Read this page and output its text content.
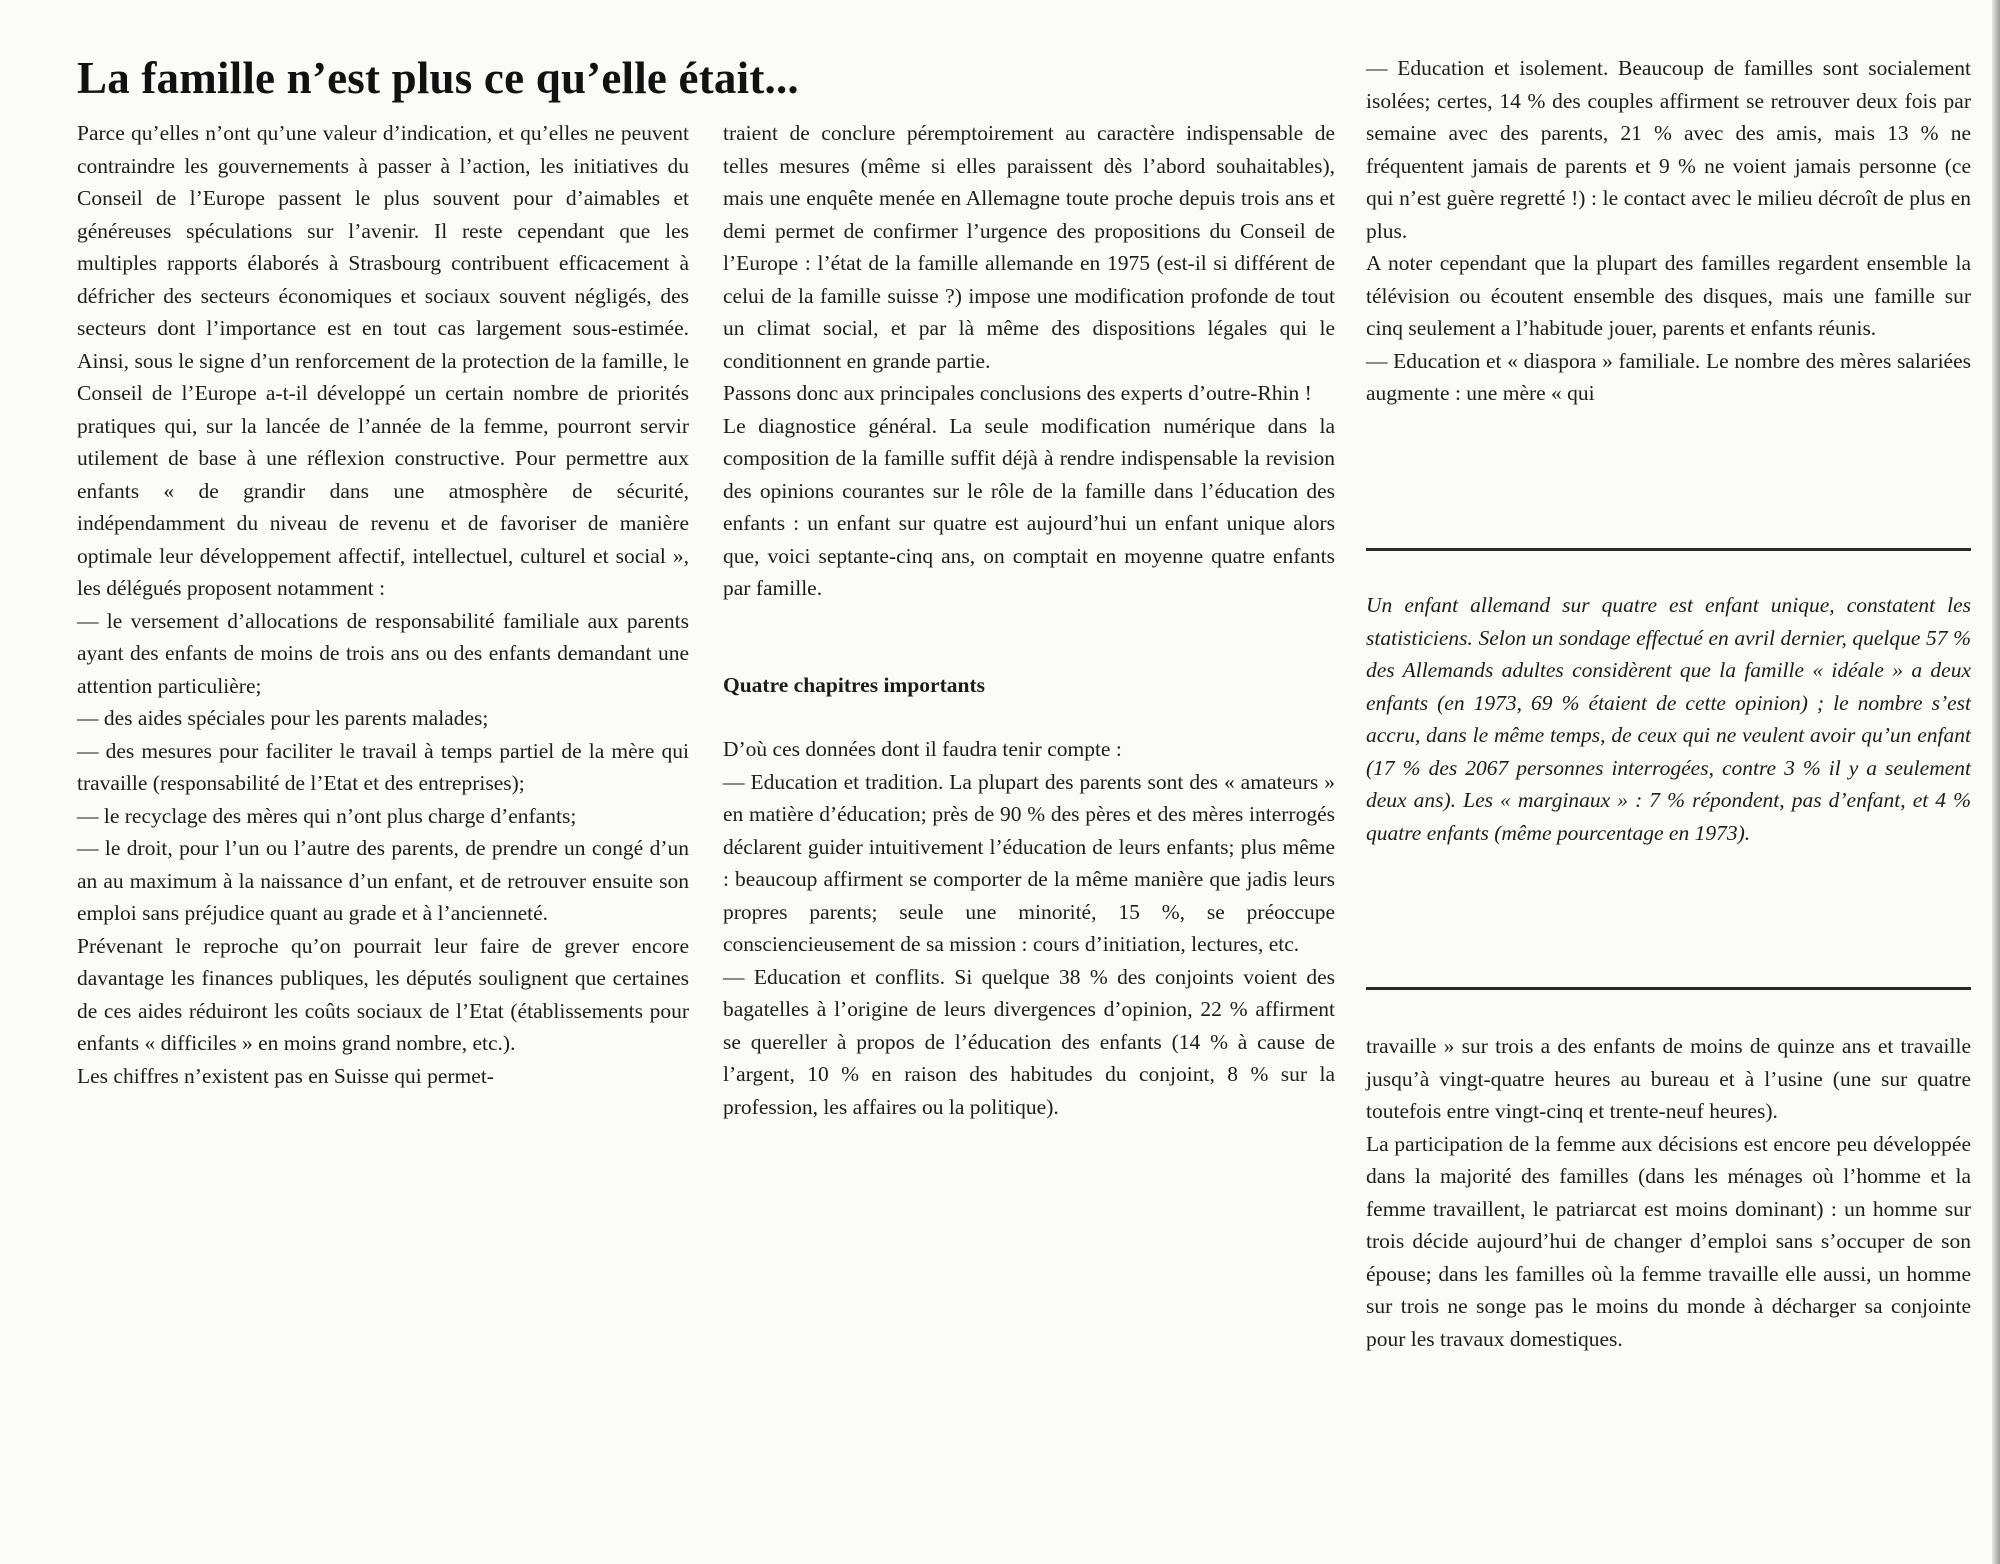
La famille n’est plus ce qu’elle était...

Parce qu’elles n’ont qu’une valeur d’indication, et qu’elles ne peuvent contraindre les gouvernements à passer à l’action, les initiatives du Conseil de l’Europe passent le plus souvent pour d’aimables et généreuses spéculations sur l’avenir. Il reste cependant que les multiples rapports élaborés à Strasbourg contribuent efficacement à défricher des secteurs économiques et sociaux souvent négligés, des secteurs dont l’importance est en tout cas largement sous-estimée. Ainsi, sous le signe d’un renforcement de la protection de la famille, le Conseil de l’Europe a-t-il développé un certain nombre de priorités pratiques qui, sur la lancée de l’année de la femme, pourront servir utilement de base à une réflexion constructive. Pour permettre aux enfants « de grandir dans une atmosphère de sécurité, indépendamment du niveau de revenu et de favoriser de manière optimale leur développement affectif, intellectuel, culturel et social », les délégués proposent notamment :

— le versement d’allocations de responsabilité familiale aux parents ayant des enfants de moins de trois ans ou des enfants demandant une attention particulière;

— des aides spéciales pour les parents malades;

— des mesures pour faciliter le travail à temps partiel de la mère qui travaille (responsabilité de l’Etat et des entreprises);

— le recyclage des mères qui n’ont plus charge d’enfants;

— le droit, pour l’un ou l’autre des parents, de prendre un congé d’un an au maximum à la naissance d’un enfant, et de retrouver ensuite son emploi sans préjudice quant au grade et à l’ancienneté.

Prévenant le reproche qu’on pourrait leur faire de grever encore davantage les finances publiques, les députés soulignent que certaines de ces aides réduiront les coûts sociaux de l’Etat (établissements pour enfants « difficiles » en moins grand nombre, etc.).

Les chiffres n’existent pas en Suisse qui permet-

traient de conclure péremptoirement au caractère indispensable de telles mesures (même si elles paraissent dès l’abord souhaitables), mais une enquête menée en Allemagne toute proche depuis trois ans et demi permet de confirmer l’urgence des propositions du Conseil de l’Europe : l’état de la famille allemande en 1975 (est-il si différent de celui de la famille suisse ?) impose une modification profonde de tout un climat social, et par là même des dispositions légales qui le conditionnent en grande partie.

Passons donc aux principales conclusions des experts d’outre-Rhin !

Le diagnostice général. La seule modification numérique dans la composition de la famille suffit déjà à rendre indispensable la revision des opinions courantes sur le rôle de la famille dans l’éducation des enfants : un enfant sur quatre est aujourd’hui un enfant unique alors que, voici septante-cinq ans, on comptait en moyenne quatre enfants par famille.

Quatre chapitres importants

D’où ces données dont il faudra tenir compte :

— Education et tradition. La plupart des parents sont des « amateurs » en matière d’éducation; près de 90 % des pères et des mères interrogés déclarent guider intuitivement l’éducation de leurs enfants; plus même : beaucoup affirment se comporter de la même manière que jadis leurs propres parents; seule une minorité, 15 %, se préoccupe consciencieusement de sa mission : cours d’initiation, lectures, etc.

— Education et conflits. Si quelque 38 % des conjoints voient des bagatelles à l’origine de leurs divergences d’opinion, 22 % affirment se quereller à propos de l’éducation des enfants (14 % à cause de l’argent, 10 % en raison des habitudes du conjoint, 8 % sur la profession, les affaires ou la politique).

— Education et isolement. Beaucoup de familles sont socialement isolées; certes, 14 % des couples affirment se retrouver deux fois par semaine avec des parents, 21 % avec des amis, mais 13 % ne fréquentent jamais de parents et 9 % ne voient jamais personne (ce qui n’est guère regretté !) : le contact avec le milieu décroît de plus en plus.

A noter cependant que la plupart des familles regardent ensemble la télévision ou écoutent ensemble des disques, mais une famille sur cinq seulement a l’habitude jouer, parents et enfants réunis.

— Education et « diaspora » familiale. Le nombre des mères salariées augmente : une mère « qui

Un enfant allemand sur quatre est enfant unique, constatent les statisticiens. Selon un sondage effectué en avril dernier, quelque 57 % des Allemands adultes considèrent que la famille « idéale » a deux enfants (en 1973, 69 % étaient de cette opinion) ; le nombre s’est accru, dans le même temps, de ceux qui ne veulent avoir qu’un enfant (17 % des 2067 personnes interrogées, contre 3 % il y a seulement deux ans). Les « marginaux » : 7 % répondent, pas d’enfant, et 4 % quatre enfants (même pourcentage en 1973).

travaille » sur trois a des enfants de moins de quinze ans et travaille jusqu’à vingt-quatre heures au bureau et à l’usine (une sur quatre toutefois entre vingt-cinq et trente-neuf heures).

La participation de la femme aux décisions est encore peu développée dans la majorité des familles (dans les ménages où l’homme et la femme travaillent, le patriarcat est moins dominant) : un homme sur trois décide aujourd’hui de changer d’emploi sans s’occuper de son épouse; dans les familles où la femme travaille elle aussi, un homme sur trois ne songe pas le moins du monde à décharger sa conjointe pour les travaux domestiques.
